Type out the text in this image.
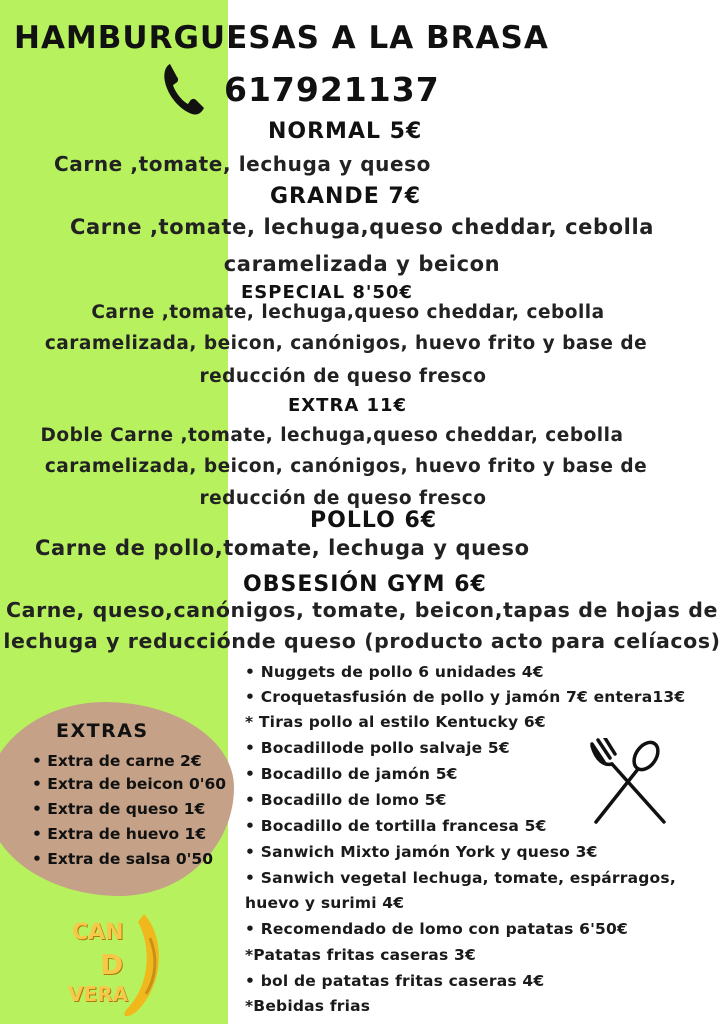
HAMBURGUESAS A LA BRASA
617921137
NORMAL 5€
Carne ,tomate, lechuga y queso
GRANDE 7€
Carne ,tomate, lechuga,queso cheddar, cebolla
caramelizada y beicon
ESPECIAL 8'50€
Carne ,tomate, lechuga,queso cheddar, cebolla
caramelizada, beicon, canónigos, huevo frito y base de
reducción de queso fresco
EXTRA 11€
Doble Carne ,tomate, lechuga,queso cheddar, cebolla
caramelizada, beicon, canónigos, huevo frito y base de
reducción de queso fresco
POLLO 6€
Carne de pollo,tomate, lechuga y queso
OBSESIÓN GYM 6€
Carne, queso,canónigos, tomate, beicon,tapas de hojas de
lechuga y reducciónde queso (producto acto para celíacos)
• Nuggets de pollo 6 unidades 4€
• Croquetasfusión de pollo y jamón 7€ entera13€
* Tiras pollo al estilo Kentucky 6€
• Bocadillode pollo salvaje 5€
• Bocadillo de jamón 5€
• Bocadillo de lomo 5€
• Bocadillo de tortilla francesa 5€
• Sanwich Mixto jamón York y queso 3€
• Sanwich vegetal lechuga, tomate, espárragos,
huevo y surimi 4€
• Recomendado de lomo con patatas 6'50€
*Patatas fritas caseras 3€
• bol de patatas fritas caseras 4€
*Bebidas frias
EXTRAS
• Extra de carne 2€
• Extra de beicon 0'60
• Extra de queso 1€
• Extra de huevo 1€
• Extra de salsa 0'50
CAN
D
VERA
